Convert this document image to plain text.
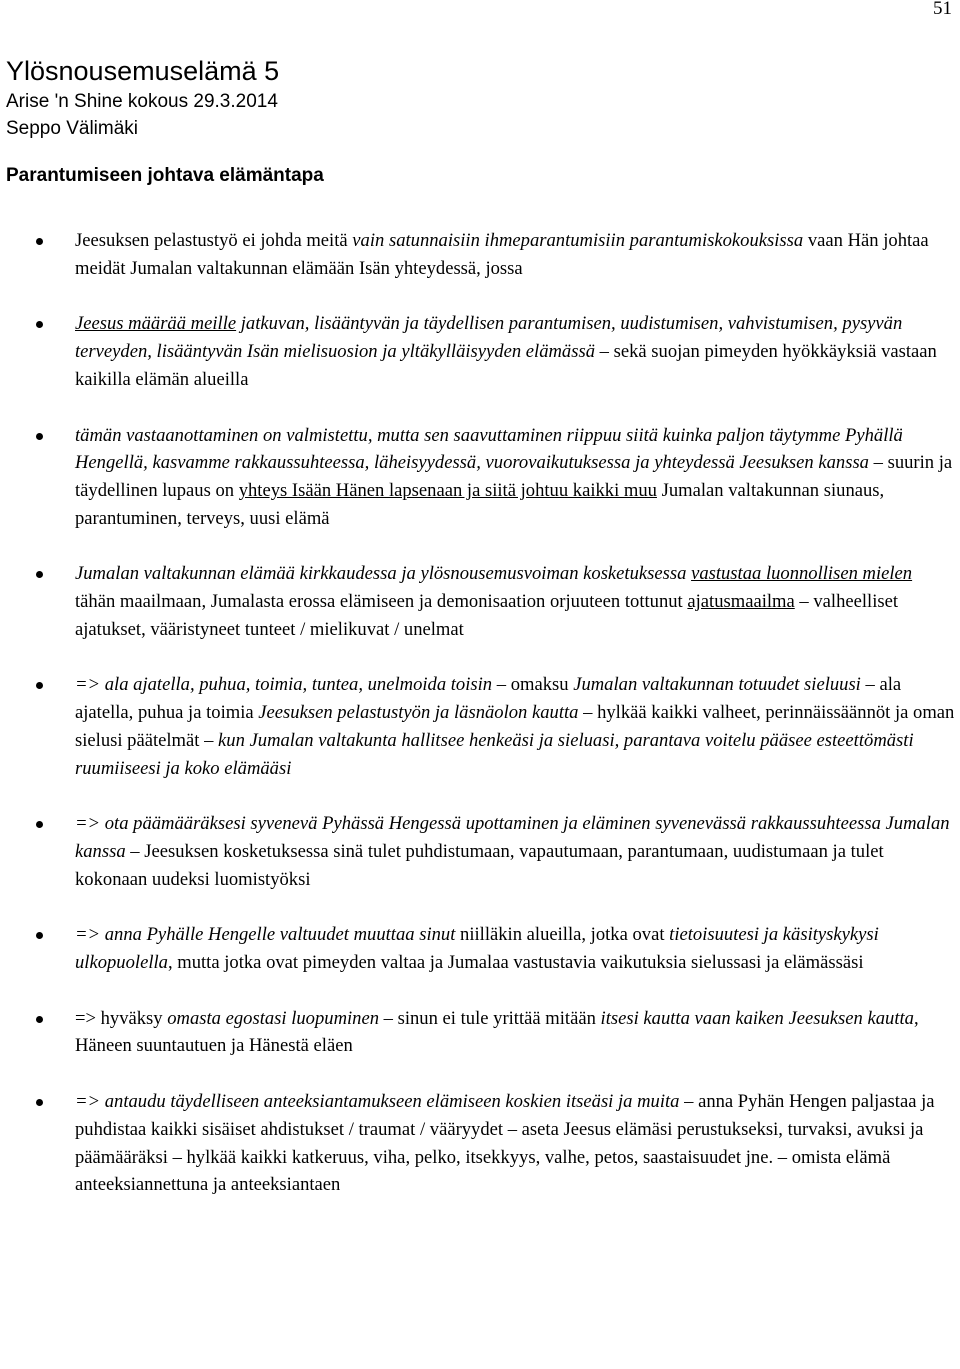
51
Ylösnousemuselämä 5
Arise 'n Shine kokous 29.3.2014
Seppo Välimäki
Parantumiseen johtava elämäntapa
Jeesuksen pelastustyö ei johda meitä vain satunnaisiin ihmeparantumisiin parantumiskokouksissa vaan Hän johtaa meidät Jumalan valtakunnan elämään Isän yhteydessä, jossa
Jeesus määrää meille jatkuvan, lisääntyvän ja täydellisen parantumisen, uudistumisen, vahvistumisen, pysyvän terveyden, lisääntyvän Isän mielisuosion ja yltäkylläisyyden elämässä – sekä suojan pimeyden hyökkäyksiä vastaan kaikilla elämän alueilla
tämän vastaanottaminen on valmistettu, mutta sen saavuttaminen riippuu siitä kuinka paljon täytymme Pyhällä Hengellä, kasvamme rakkaussuhteessa, läheisyydessä, vuorovaikutuksessa ja yhteydessä Jeesuksen kanssa – suurin ja täydellinen lupaus on yhteys Isään Hänen lapsenaan ja siitä johtuu kaikki muu Jumalan valtakunnan siunaus, parantuminen, terveys, uusi elämä
Jumalan valtakunnan elämää kirkkaudessa ja ylösnousemusvoiman kosketuksessa vastustaa luonnollisen mielen tähän maailmaan, Jumalasta erossa elämiseen ja demonisaation orjuuteen tottunut ajatusmaailma – valheelliset ajatukset, vääristyneet tunteet / mielikuvat / unelmat
=> ala ajatella, puhua, toimia, tuntea, unelmoida toisin – omaksu Jumalan valtakunnan totuudet sieluusi – ala ajatella, puhua ja toimia Jeesuksen pelastustyön ja läsnäolon kautta – hylkää kaikki valheet, perinnäissäännöt ja oman sielusi päätelmät – kun Jumalan valtakunta hallitsee henkeäsi ja sieluasi, parantava voitelu pääsee esteettömästi ruumiiseesi ja koko elämääsi
=> ota päämääräksesi syvenevä Pyhässä Hengessä upottaminen ja eläminen syvenevässä rakkaussuhteessa Jumalan kanssa – Jeesuksen kosketuksessa sinä tulet puhdistumaan, vapautumaan, parantumaan, uudistumaan ja tulet kokonaan uudeksi luomistyöksi
=> anna Pyhälle Hengelle valtuudet muuttaa sinut niilläkin alueilla, jotka ovat tietoisuutesi ja käsityskykysi ulkopuolella, mutta jotka ovat pimeyden valtaa ja Jumalaa vastustavia vaikutuksia sielussasi ja elämässäsi
=> hyväksy omasta egostasi luopuminen – sinun ei tule yrittää mitään itsesi kautta vaan kaiken Jeesuksen kautta, Häneen suuntautuen ja Hänestä eläen
=> antaudu täydelliseen anteeksiantamukseen elämiseen koskien itseäsi ja muita – anna Pyhän Hengen paljastaa ja puhdistaa kaikki sisäiset ahdistukset / traumat / vääryydet – aseta Jeesus elämäsi perustukseksi, turvaksi, avuksi ja päämääräksi – hylkää kaikki katkeruus, viha, pelko, itsekkyys, valhe, petos, saastaisuudet jne. – omista elämä anteeksiannettuna ja anteeksiantaen
